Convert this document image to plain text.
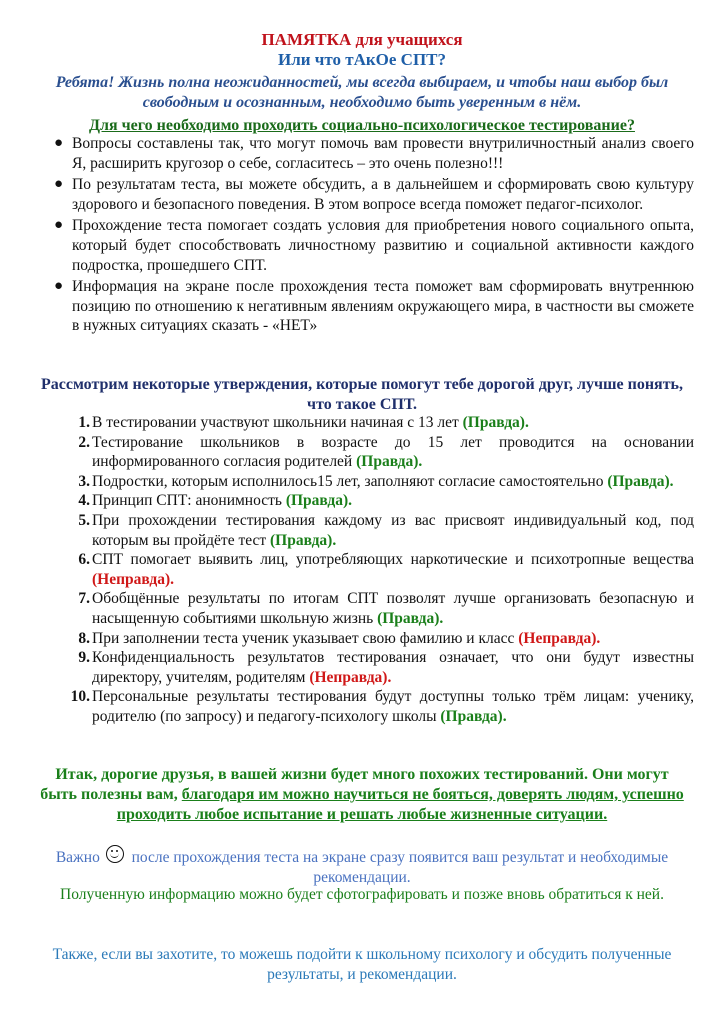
ПАМЯТКА для учащихся
Или что тАкОе СПТ?
Ребята! Жизнь полна неожиданностей, мы всегда выбираем, и чтобы наш выбор был свободным и осознанным, необходимо быть уверенным в нём.
Для чего необходимо проходить социально-психологическое тестирование?
● Вопросы составлены так, что могут помочь вам провести внутриличностный анализ своего Я, расширить кругозор о себе, согласитесь – это очень полезно!!!
● По результатам теста, вы можете обсудить, а в дальнейшем и сформировать свою культуру здорового и безопасного поведения. В этом вопросе всегда поможет педагог-психолог.
● Прохождение теста помогает создать условия для приобретения нового социального опыта, который будет способствовать личностному развитию и социальной активности каждого подростка, прошедшего СПТ.
● Информация на экране после прохождения теста поможет вам сформировать внутреннюю позицию по отношению к негативным явлениям окружающего мира, в частности вы сможете в нужных ситуациях сказать - «НЕТ»
Рассмотрим некоторые утверждения, которые помогут тебе дорогой друг, лучше понять, что такое СПТ.
1. В тестировании участвуют школьники начиная с 13 лет (Правда).
2. Тестирование школьников в возрасте до 15 лет проводится на основании информированного согласия родителей (Правда).
3. Подростки, которым исполнилось15 лет, заполняют согласие самостоятельно (Правда).
4. Принцип СПТ: анонимность (Правда).
5. При прохождении тестирования каждому из вас присвоят индивидуальный код, под которым вы пройдёте тест (Правда).
6. СПТ помогает выявить лиц, употребляющих наркотические и психотропные вещества (Неправда).
7. Обобщённые результаты по итогам СПТ позволят лучше организовать безопасную и насыщенную событиями школьную жизнь (Правда).
8. При заполнении теста ученик указывает свою фамилию и класс (Неправда).
9. Конфиденциальность результатов тестирования означает, что они будут известны директору, учителям, родителям (Неправда).
10. Персональные результаты тестирования будут доступны только трём лицам: ученику, родителю (по запросу) и педагогу-психологу школы (Правда).
Итак, дорогие друзья, в вашей жизни будет много похожих тестирований. Они могут быть полезны вам, благодаря им можно научиться не бояться, доверять людям, успешно проходить любое испытание и решать любые жизненные ситуации.
Важно  после прохождения теста на экране сразу появится ваш результат и необходимые рекомендации.
Полученную информацию можно будет сфотографировать и позже вновь обратиться к ней.
Также, если вы захотите, то можешь подойти к школьному психологу и обсудить полученные результаты, и рекомендации.
